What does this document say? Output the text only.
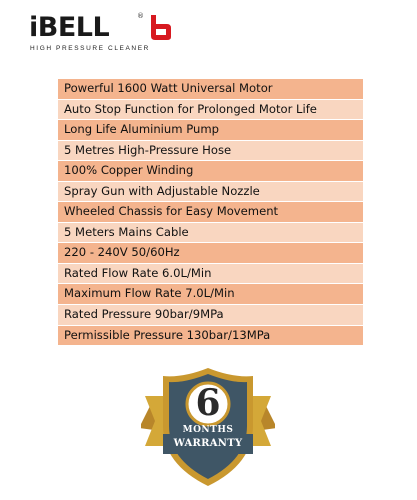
iBELL	®
HIGH PRESSURE CLEANER
Powerful 1600 Watt Universal Motor
Auto Stop Function for Prolonged Motor Life
Long Life Aluminium Pump
5 Metres High-Pressure Hose
100% Copper Winding
Spray Gun with Adjustable Nozzle
Wheeled Chassis for Easy Movement
5 Meters Mains Cable
220 - 240V 50/60Hz
Rated Flow Rate 6.0L/Min
Maximum Flow Rate 7.0L/Min
Rated Pressure 90bar/9MPa
Permissible Pressure 130bar/13MPa
6
MONTHS
WARRANTY
